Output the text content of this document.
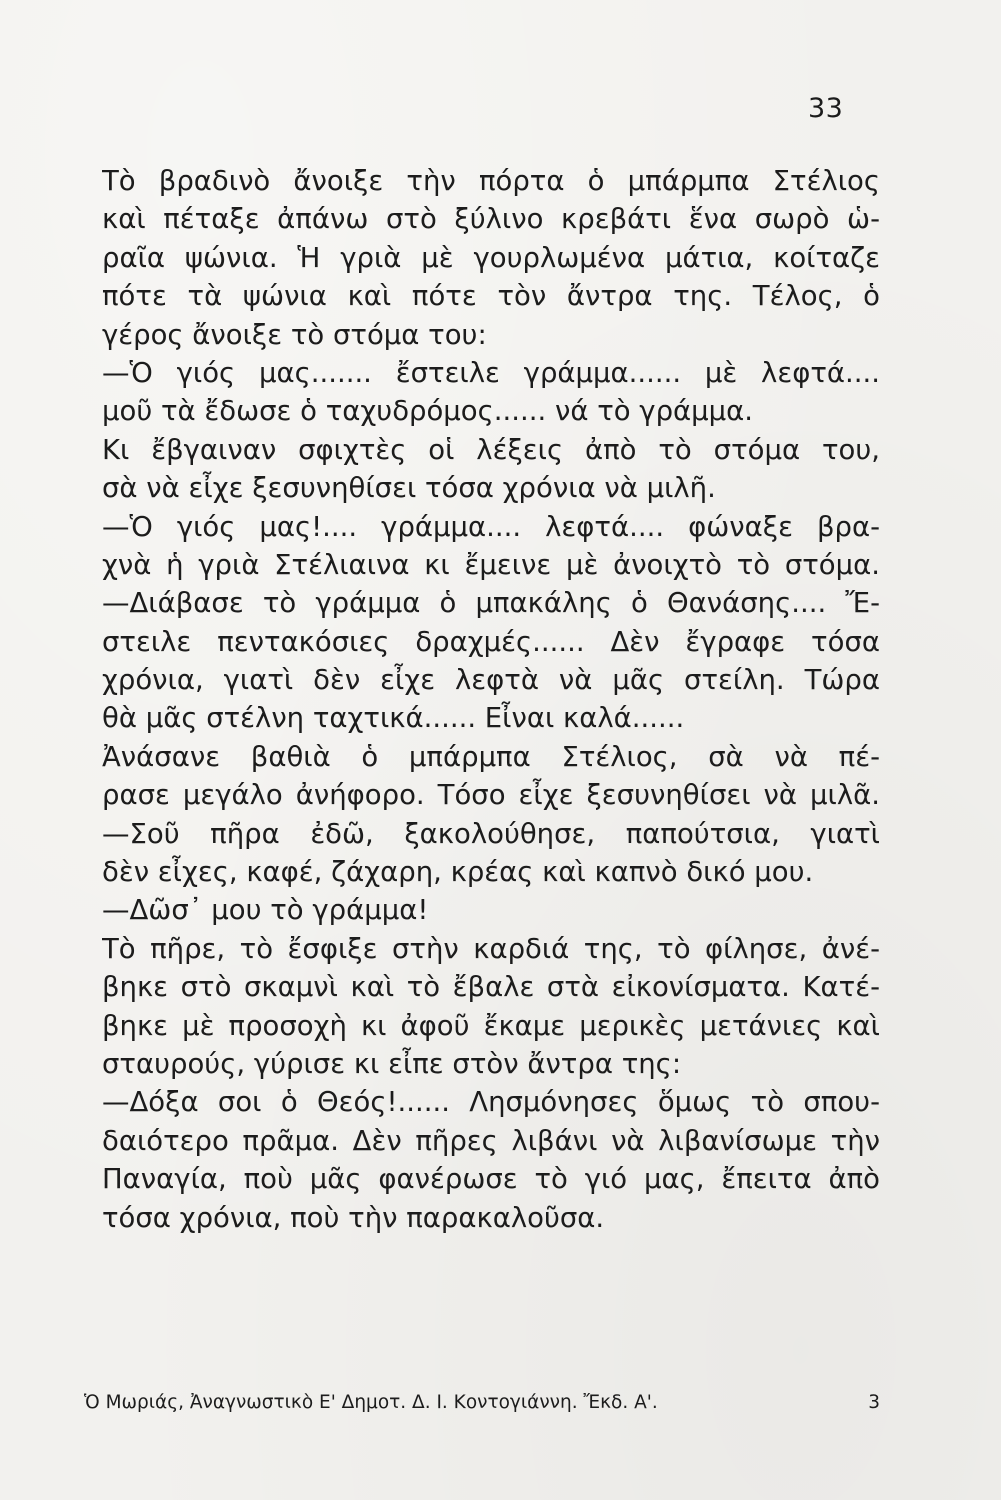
33
Τὸ βραδινὸ ἄνοιξε τὴν πόρτα ὁ μπάρμπα Στέλιος
καὶ πέταξε ἀπάνω στὸ ξύλινο κρεβάτι ἕνα σωρὸ ὡ-
ραῖα ψώνια. Ἡ γριὰ μὲ γουρλωμένα μάτια, κοίταζε
πότε τὰ ψώνια καὶ πότε τὸν ἄντρα της. Τέλος, ὁ
γέρος ἄνοιξε τὸ στόμα του:
—Ὁ γιός μας....... ἔστειλε γράμμα...... μὲ λεφτά....
μοῦ τὰ ἔδωσε ὁ ταχυδρόμος...... νά τὸ γράμμα.
Κι ἔβγαιναν σφιχτὲς οἱ λέξεις ἀπὸ τὸ στόμα του,
σὰ νὰ εἶχε ξεσυνηθίσει τόσα χρόνια νὰ μιλῆ.
—Ὁ γιός μας!.... γράμμα.... λεφτά.... φώναξε βρα-
χνὰ ἡ γριὰ Στέλιαινα κι ἔμεινε μὲ ἀνοιχτὸ τὸ στόμα.
—Διάβασε τὸ γράμμα ὁ μπακάλης ὁ Θανάσης.... Ἔ-
στειλε πεντακόσιες δραχμές...... Δὲν ἔγραφε τόσα
χρόνια, γιατὶ δὲν εἶχε λεφτὰ νὰ μᾶς στείλη. Τώρα
θὰ μᾶς στέλνη ταχτικά...... Εἶναι καλά......
Ἀνάσανε βαθιὰ ὁ μπάρμπα Στέλιος, σὰ νὰ πέ-
ρασε μεγάλο ἀνήφορο. Τόσο εἶχε ξεσυνηθίσει νὰ μιλᾶ.
—Σοῦ πῆρα ἐδῶ, ξακολούθησε, παπούτσια, γιατὶ
δὲν εἶχες, καφέ, ζάχαρη, κρέας καὶ καπνὸ δικό μου.
—Δῶσ᾽ μου τὸ γράμμα!
Τὸ πῆρε, τὸ ἔσφιξε στὴν καρδιά της, τὸ φίλησε, ἀνέ-
βηκε στὸ σκαμνὶ καὶ τὸ ἔβαλε στὰ εἰκονίσματα. Κατέ-
βηκε μὲ προσοχὴ κι ἀφοῦ ἔκαμε μερικὲς μετάνιες καὶ
σταυρούς, γύρισε κι εἶπε στὸν ἄντρα της:
—Δόξα σοι ὁ Θεός!...... Λησμόνησες ὅμως τὸ σπου-
δαιότερο πρᾶμα. Δὲν πῆρες λιβάνι νὰ λιβανίσωμε τὴν
Παναγία, ποὺ μᾶς φανέρωσε τὸ γιό μας, ἔπειτα ἀπὸ
τόσα χρόνια, ποὺ τὴν παρακαλοῦσα.
Ὁ Μωριάς, Ἀναγνωστικὸ Ε' Δημοτ. Δ. Ι. Κοντογιάννη. Ἔκδ. Α'.	3
